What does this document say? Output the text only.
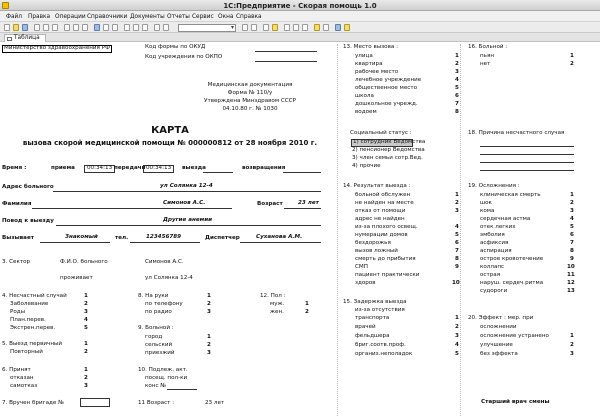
1С:Предприятие - Скорая помощь 1.0
Файл Правка Операции Справочники Документы Отчеты Сервис Окна Справка
▾
Таблица
Министерство здравоохранения РФ	Код формы по ОКУД
Код учреждения по ОКПО
Медицинская документация
Форма № 110/у
Утверждена Минздравом СССР
04.10.80 г. № 1030
КАРТА
вызова скорой медицинской помощи № 000000812 от 28 ноября 2010 г.
Время :	приема	00:34:13 передачи 00:34:13	выезда	возвращения
Адрес больного	ул Солянка 12-4
Фамилия	Симонов А.С.	Возраст	23 лет
Повод к выезду	Другие анемии
Вызывает	Знакомый	тел.	123456789	Диспетчер	Суханова А.М.
3. Сектор	Ф.И.О. больного	Симонов А.С.
проживает	ул Солянка 12-4
4. Несчастный случай	1
Заболевание	2
Роды	3
План.перев.	4
Экстрен.перев.	5
5. Выезд первичный	1
Повторный	2
6. Принят	1
отказан	2
самотказ	3
7. Вручен бригаде №
8. На руки	1
по телефону	2
по радио	3
9. Больной :
город	1
сельский	2
приезжий	3
10. Подлеж. акт.
посещ. пол-ки
конс №
11 Возраст :	23 лет
12. Пол :
муж.	1
жен.	2
13. Место вызова :
улица	1
квартира	2
рабочее место	3
лечебное учреждение	4
общественное место	5
школа	6
дошкольное учрежд.	7
водоем	8
Социальный статус :
1) сотрудник Ведомства
2) пенсионер Ведомства
3) член семьи сотр.Вед.
4) прочие
14. Результат выезда :
больной обслужен	1
не найден на месте	2
отказ от помощи	3
адрес не найден
из-за плохого освещ.	4
нумерации домов	5
бездорожья	6
вызов ложный	7
смерть до прибытия	8
СМП	9
пациент практически
здоров	10
15. Задержка выезда
из-за отсутствия
транспорта	1
врачей	2
фельдшера	3
бриг.соотв.проф.	4
организ.неполадок	5
16. Больной :
пьян	1
нет	2
18. Причина несчастного случая
19. Осложнения :
клиническая смерть	1
шок	2
кома	3
сердечная астма	4
отек легких	5
эмболия	6
асфиксия	7
аспирация	8
острое кровотечение	9
коллапс	10
острая	11
наруш. сердеч.ритма	12
судороги	13
20. Эффект : мер. при
осложнении
осложнение устранено	1
улучшение	2
без эффекта	3
Старший врач смены
